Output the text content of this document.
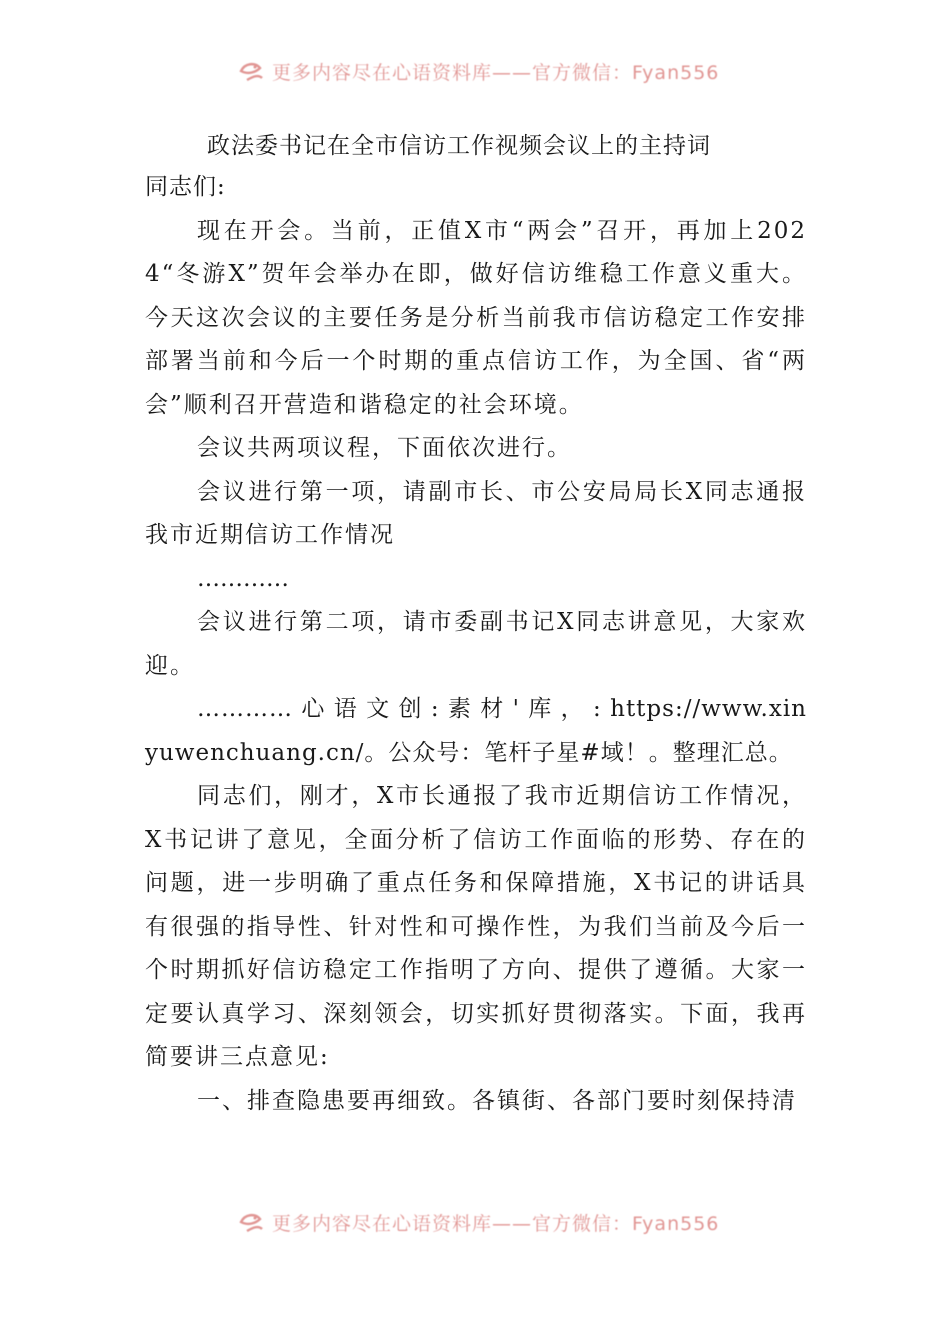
更多内容尽在心语资料库——官方微信：Fyan556
政法委书记在全市信访工作视频会议上的主持词

同志们:

现在开会。当前，正值X市“两会”召开，再加上2024“冬游X”贺年会举办在即，做好信访维稳工作意义重大。今天这次会议的主要任务是分析当前我市信访稳定工作安排部署当前和今后一个时期的重点信访工作，为全国、省“两会”顺利召开营造和谐稳定的社会环境。

会议共两项议程，下面依次进行。

会议进行第一项，请副市长、市公安局局长X同志通报我市近期信访工作情况

…………

会议进行第二项，请市委副书记X同志讲意见，大家欢迎。

………… 心 语 文 创 : 素 材 ' 库 ， : https://www.xinyuwenchuang.cn/。公众号：笔杆子星#域！。整理汇总。

同志们，刚才，X市长通报了我市近期信访工作情况，X书记讲了意见，全面分析了信访工作面临的形势、存在的问题，进一步明确了重点任务和保障措施，X书记的讲话具有很强的指导性、针对性和可操作性，为我们当前及今后一个时期抓好信访稳定工作指明了方向、提供了遵循。大家一定要认真学习、深刻领会，切实抓好贯彻落实。下面，我再简要讲三点意见:

一、排查隐患要再细致。各镇街、各部门要时刻保持清

更多内容尽在心语资料库——官方微信：Fyan556
